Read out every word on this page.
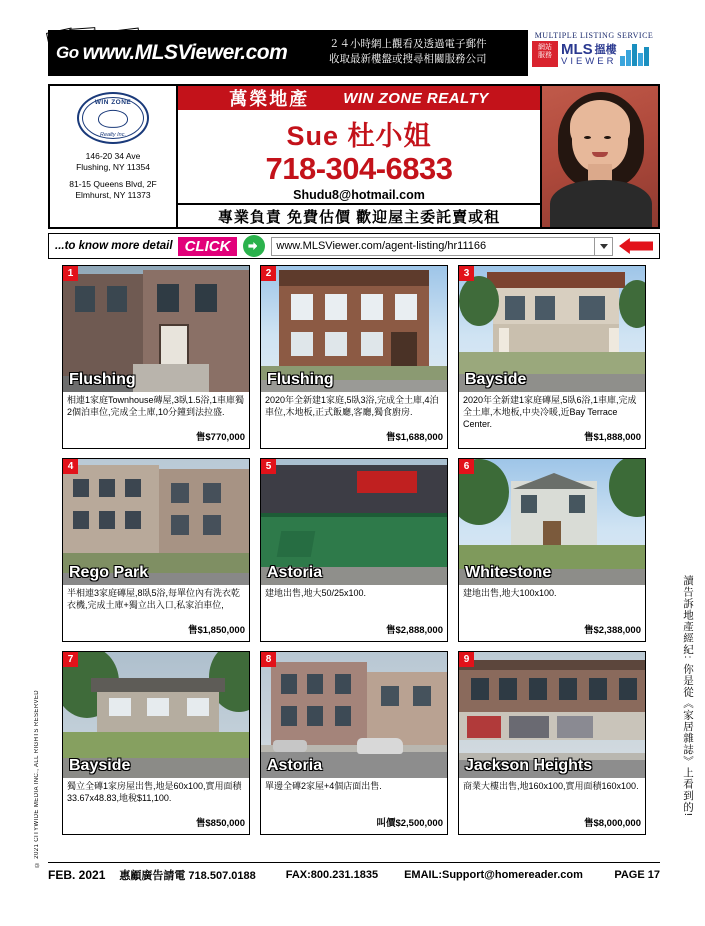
Go www.MLSViewer.com	２４小時網上觀看及透過電子郵件
收取最新樓盤或搜尋相關服務公司
MULTIPLE LISTING SERVICE
網站
服務 MLS 搵樓
VIEWER
WIN ZONE
Realty Inc.
146-20 34 Ave
Flushing, NY 11354
81-15 Queens Blvd, 2F
Elmhurst, NY 11373
萬榮地產 WIN ZONE REALTY
Sue 杜小姐
718-304-6833
Shudu8@hotmail.com
專業負責 免費估價 歡迎屋主委託賣或租
...to know more detail CLICK	www.MLSViewer.com/agent-listing/hr11166
1
Flushing
相連1家庭Townhouse磚屋,3臥1.5浴,1車庫獨2個泊車位,完成全土庫,10分鐘到法拉盛.
售$770,000
2
Flushing
2020年全新建1家庭,5臥3浴,完成全土庫,4泊車位,木地板,正式飯廳,客廳,獨食廚房.
售$1,688,000
3
Bayside
2020年全新建1家庭磚屋,5臥6浴,1車庫,完成全土庫,木地板,中央冷暖,近Bay Terrace Center.
售$1,888,000
4
Rego Park
半相連3家庭磚屋,8臥5浴,每單位內有洗衣乾衣機,完成土庫+獨立出入口,私家泊車位,
售$1,850,000
5
Astoria
建地出售,地大50/25x100.
售$2,888,000
6
Whitestone
建地出售,地大100x100.
售$2,388,000
7
Bayside
獨立全磚1家房屋出售,地是60x100,實用面積33.67x48.83,地稅$11,100.
售$850,000
8
Astoria
單邊全磚2家屋+4個店面出售.
叫價$2,500,000
9
Jackson Heights
商業大樓出售,地160x100,實用面積160x100.
售$8,000,000
讀告訴地產經紀: 你是從《家居雜誌》上看到的!
© 2021 CITYWIDE MEDIA INC., ALL RIGHTS RESERVED
FEB. 2021 惠顧廣告請電 718.507.0188	FAX:800.231.1835 EMAIL:Support@homereader.com	PAGE 17
